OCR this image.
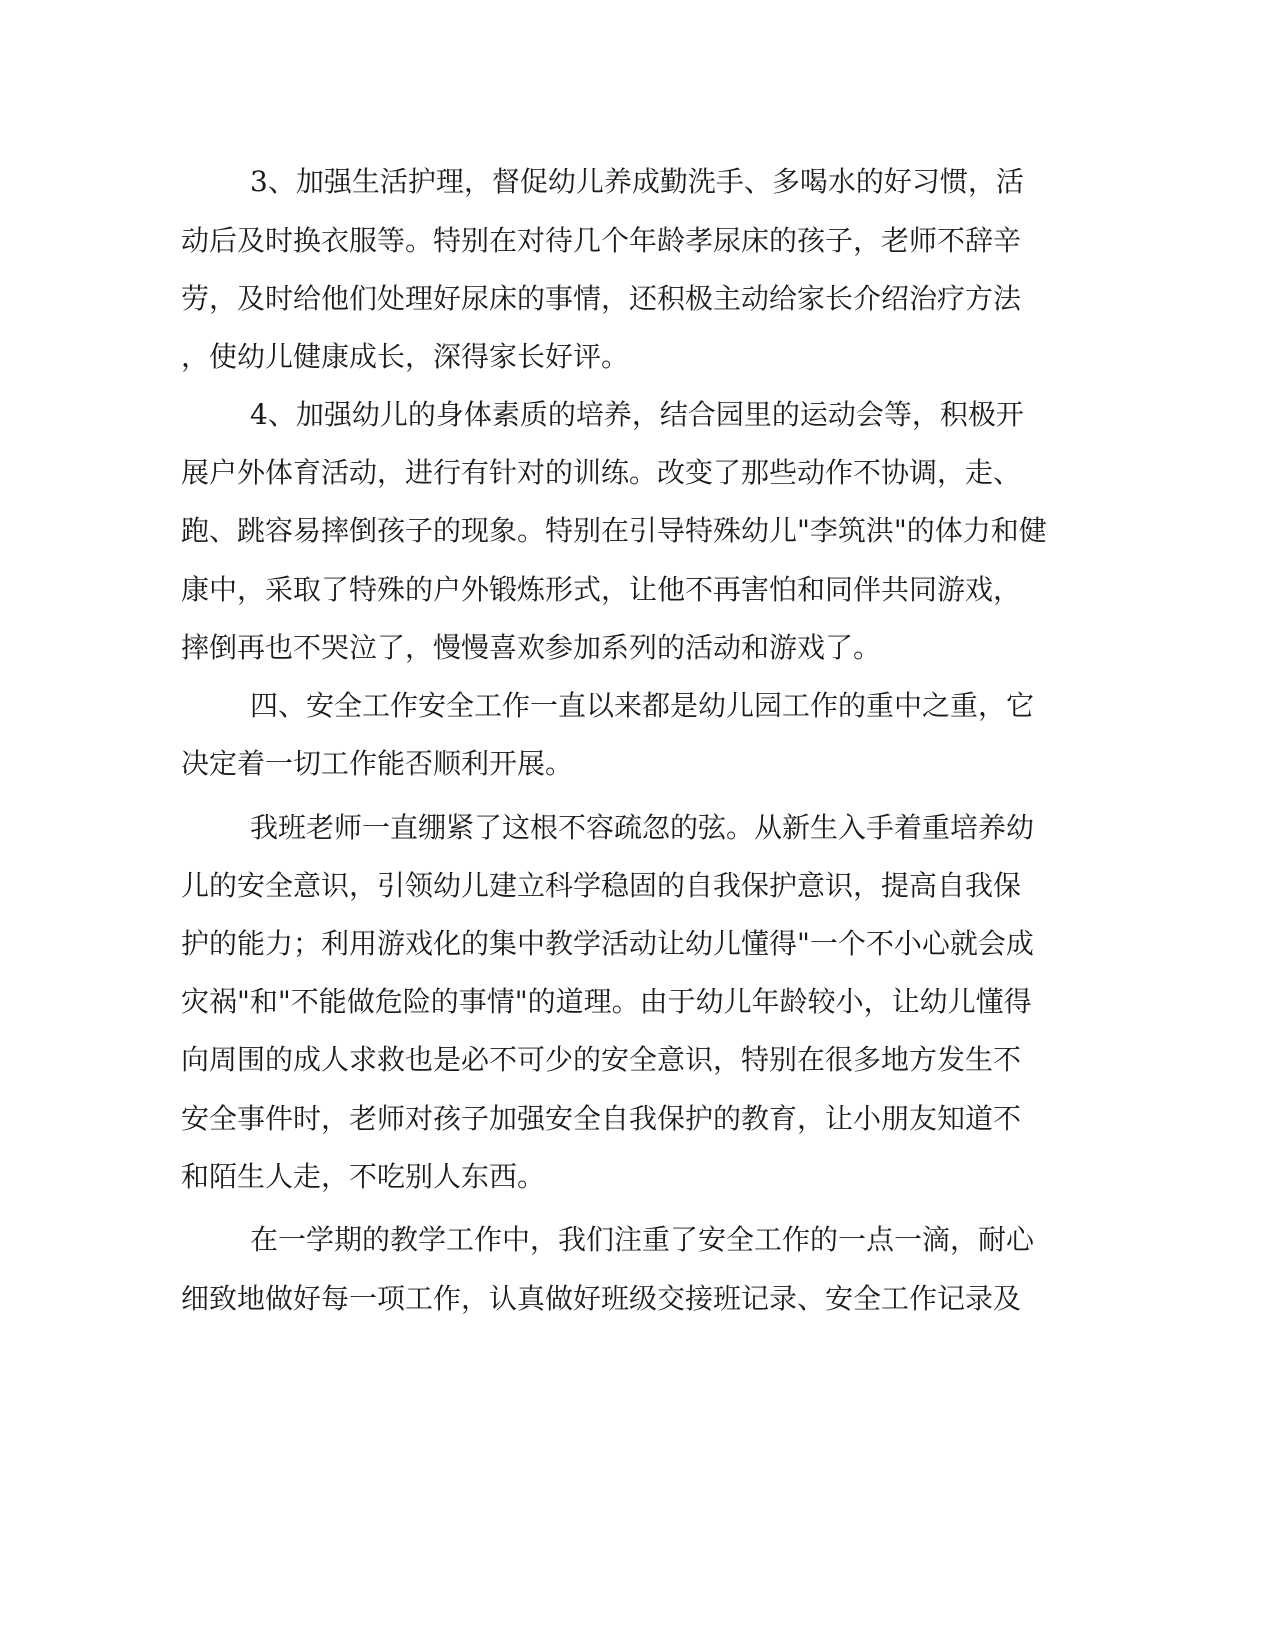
3、加强生活护理，督促幼儿养成勤洗手、多喝水的好习惯，活

动后及时换衣服等。特别在对待几个年龄孝尿床的孩子，老师不辞辛

劳，及时给他们处理好尿床的事情，还积极主动给家长介绍治疗方法

，使幼儿健康成长，深得家长好评。

4、加强幼儿的身体素质的培养，结合园里的运动会等，积极开

展户外体育活动，进行有针对的训练。改变了那些动作不协调，走、

跑、跳容易摔倒孩子的现象。特别在引导特殊幼儿"李筑洪"的体力和健

康中，采取了特殊的户外锻炼形式，让他不再害怕和同伴共同游戏，

摔倒再也不哭泣了，慢慢喜欢参加系列的活动和游戏了。

四、安全工作安全工作一直以来都是幼儿园工作的重中之重，它

决定着一切工作能否顺利开展。

我班老师一直绷紧了这根不容疏忽的弦。从新生入手着重培养幼

儿的安全意识，引领幼儿建立科学稳固的自我保护意识，提高自我保

护的能力；利用游戏化的集中教学活动让幼儿懂得"一个不小心就会成

灾祸"和"不能做危险的事情"的道理。由于幼儿年龄较小，让幼儿懂得

向周围的成人求救也是必不可少的安全意识，特别在很多地方发生不

安全事件时，老师对孩子加强安全自我保护的教育，让小朋友知道不

和陌生人走，不吃别人东西。

在一学期的教学工作中，我们注重了安全工作的一点一滴，耐心

细致地做好每一项工作，认真做好班级交接班记录、安全工作记录及
